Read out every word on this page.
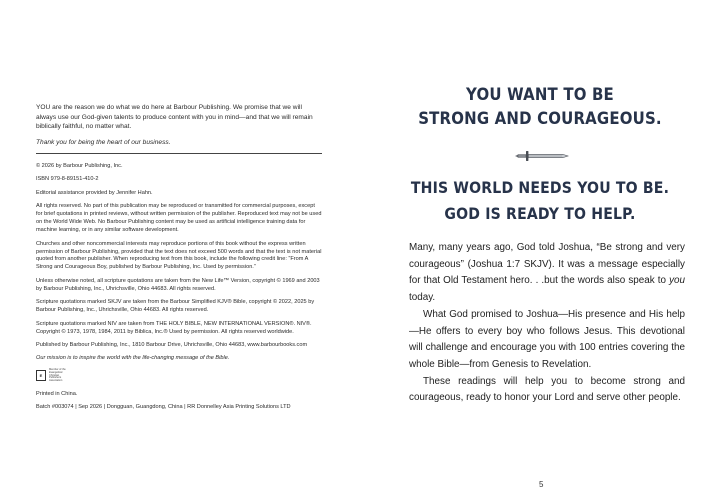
YOU are the reason we do what we do here at Barbour Publishing. We promise that we will always use our God-given talents to produce content with you in mind—and that we will remain biblically faithful, no matter what.

Thank you for being the heart of our business.

© 2026 by Barbour Publishing, Inc.

ISBN 979-8-89151-410-2

Editorial assistance provided by Jennifer Hahn.

All rights reserved. No part of this publication may be reproduced or transmitted for commercial purposes, except for brief quotations in printed reviews, without written permission of the publisher. Reproduced text may not be used on the World Wide Web. No Barbour Publishing content may be used as artificial intelligence training data for machine learning, or in any similar software development.

Churches and other noncommercial interests may reproduce portions of this book without the express written permission of Barbour Publishing, provided that the text does not exceed 500 words and that the text is not material quoted from another publisher. When reproducing text from this book, include the following credit line: “From A Strong and Courageous Boy, published by Barbour Publishing, Inc. Used by permission.”

Unless otherwise noted, all scripture quotations are taken from the New Life™ Version, copyright © 1969 and 2003 by Barbour Publishing, Inc., Uhrichsville, Ohio 44683. All rights reserved.

Scripture quotations marked SKJV are taken from the Barbour Simplified KJV® Bible, copyright © 2022, 2025 by Barbour Publishing, Inc., Uhrichsville, Ohio 44683. All rights reserved.

Scripture quotations marked NIV are taken from THE HOLY BIBLE, NEW INTERNATIONAL VERSION®. NIV®. Copyright © 1973, 1978, 1984, 2011 by Biblica, Inc.® Used by permission. All rights reserved worldwide.

Published by Barbour Publishing, Inc., 1810 Barbour Drive, Uhrichsville, Ohio 44683, www.barbourbooks.com

Our mission is to inspire the world with the life-changing message of the Bible.

E
Member of the Evangelical Christian Publishers Association

Printed in China.

Batch #003074 | Sep 2026 | Dongguan, Guangdong, China | RR Donnelley Asia Printing Solutions LTD

YOU WANT TO BE
STRONG AND COURAGEOUS.
THIS WORLD NEEDS YOU TO BE.
GOD IS READY TO HELP.

Many, many years ago, God told Joshua, “Be strong and very courageous” (Joshua 1:7 SKJV). It was a message especially for that Old Testament hero. . .but the words also speak to you today.

What God promised to Joshua—His presence and His help—He offers to every boy who follows Jesus. This devotional will challenge and encourage you with 100 entries covering the whole Bible—from Genesis to Revelation.

These readings will help you to become strong and courageous, ready to honor your Lord and serve other people.

5
